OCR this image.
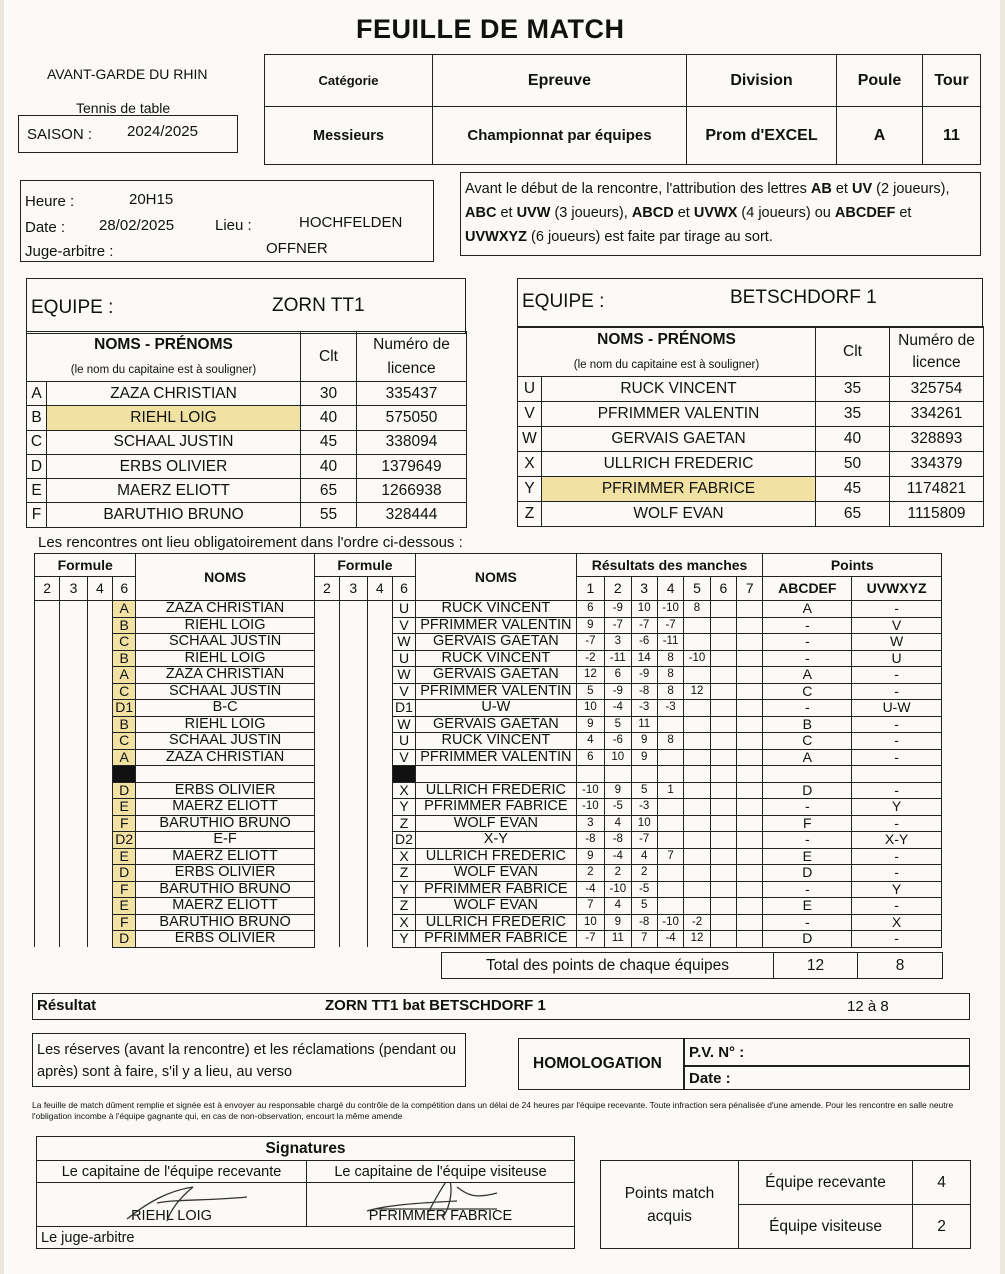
FEUILLE DE MATCH
AVANT-GARDE DU RHIN
Tennis de table
SAISON : 2024/2025
Catégorie	Epreuve	Division	Poule	Tour
Messieurs	Championnat par équipes	Prom d'EXCEL	A	11
Heure :	20H15
Date : 28/02/2025	Lieu :	HOCHFELDEN
Juge-arbitre :	OFFNER
Avant le début de la rencontre, l'attribution des lettres AB et UV (2 joueurs), ABC et UVW (3 joueurs), ABCD et UVWX (4 joueurs) ou ABCDEF et UVWXYZ (6 joueurs) est faite par tirage au sort.
EQUIPE :	ZORN TT1
NOMS - PRÉNOMS		Clt	Numéro de licence
(le nom du capitaine est à souligner)			
A	ZAZA CHRISTIAN	30	335437
B	RIEHL LOIG	40	575050
C	SCHAAL JUSTIN	45	338094
D	ERBS OLIVIER	40	1379649
E	MAERZ ELIOTT	65	1266938
F	BARUTHIO BRUNO	55	328444
EQUIPE :	BETSCHDORF 1
NOMS - PRÉNOMS		Clt	Numéro de licence
(le nom du capitaine est à souligner)			
U	RUCK VINCENT	35	325754
V	PFRIMMER VALENTIN	35	334261
W	GERVAIS GAETAN	40	328893
X	ULLRICH FREDERIC	50	334379
Y	PFRIMMER FABRICE	45	1174821
Z	WOLF EVAN	65	1115809
Les rencontres ont lieu obligatoirement dans l'ordre ci-dessous :
Formule				NOMS	Formule				NOMS	Résultats des manches							Points	
2	3	4	6		2	3	4	6		1	2	3	4	5	6	7	ABCDEF	UVWXYZ
			A	ZAZA CHRISTIAN				U	RUCK VINCENT	6	-9	10	-10	8			A	-
			B	RIEHL LOIG				V	PFRIMMER VALENTIN	9	-7	-7	-7				-	V
			C	SCHAAL JUSTIN				W	GERVAIS GAETAN	-7	3	-6	-11				-	W
			B	RIEHL LOIG				U	RUCK VINCENT	-2	-11	14	8	-10			-	U
			A	ZAZA CHRISTIAN				W	GERVAIS GAETAN	12	6	-9	8				A	-
			C	SCHAAL JUSTIN				V	PFRIMMER VALENTIN	5	-9	-8	8	12			C	-
			D1	B-C				D1	U-W	10	-4	-3	-3				-	U-W
			B	RIEHL LOIG				W	GERVAIS GAETAN	9	5	11					B	-
			C	SCHAAL JUSTIN				U	RUCK VINCENT	4	-6	9	8				C	-
			A	ZAZA CHRISTIAN				V	PFRIMMER VALENTIN	6	10	9					A	-

			D	ERBS OLIVIER				X	ULLRICH FREDERIC	-10	9	5	1				D	-
			E	MAERZ ELIOTT				Y	PFRIMMER FABRICE	-10	-5	-3					-	Y
			F	BARUTHIO BRUNO				Z	WOLF EVAN	3	4	10					F	-
			D2	E-F				D2	X-Y	-8	-8	-7					-	X-Y
			E	MAERZ ELIOTT				X	ULLRICH FREDERIC	9	-4	4	7				E	-
			D	ERBS OLIVIER				Z	WOLF EVAN	2	2	2					D	-
			F	BARUTHIO BRUNO				Y	PFRIMMER FABRICE	-4	-10	-5					-	Y
			E	MAERZ ELIOTT				Z	WOLF EVAN	7	4	5					E	-
			F	BARUTHIO BRUNO				X	ULLRICH FREDERIC	10	9	-8	-10	-2			-	X
			D	ERBS OLIVIER				Y	PFRIMMER FABRICE	-7	11	7	-4	12			D	-
Total des points de chaque équipes	12	8
Résultat	ZORN TT1 bat BETSCHDORF 1	12 à 8
Les réserves (avant la rencontre) et les réclamations (pendant ou après) sont à faire, s'il y a lieu, au verso	HOMOLOGATION
P.V. N° :
Date :
La feuille de match dûment remplie et signée est à envoyer au responsable chargé du contrôle de la compétition dans un délai de 24 heures par l'équipe recevante. Toute infraction sera pénalisée d'une amende. Pour les rencontre en salle neutre l'obligation incombe à l'équipe gagnante qui, en cas de non-observation, encourt la même amende
Signatures	
Le capitaine de l'équipe recevante	Le capitaine de l'équipe visiteuse

RIEHL LOIG	PFRIMMER FABRICE
Le juge-arbitre	
Points match acquis	Équipe recevante	4
	Équipe visiteuse	2
